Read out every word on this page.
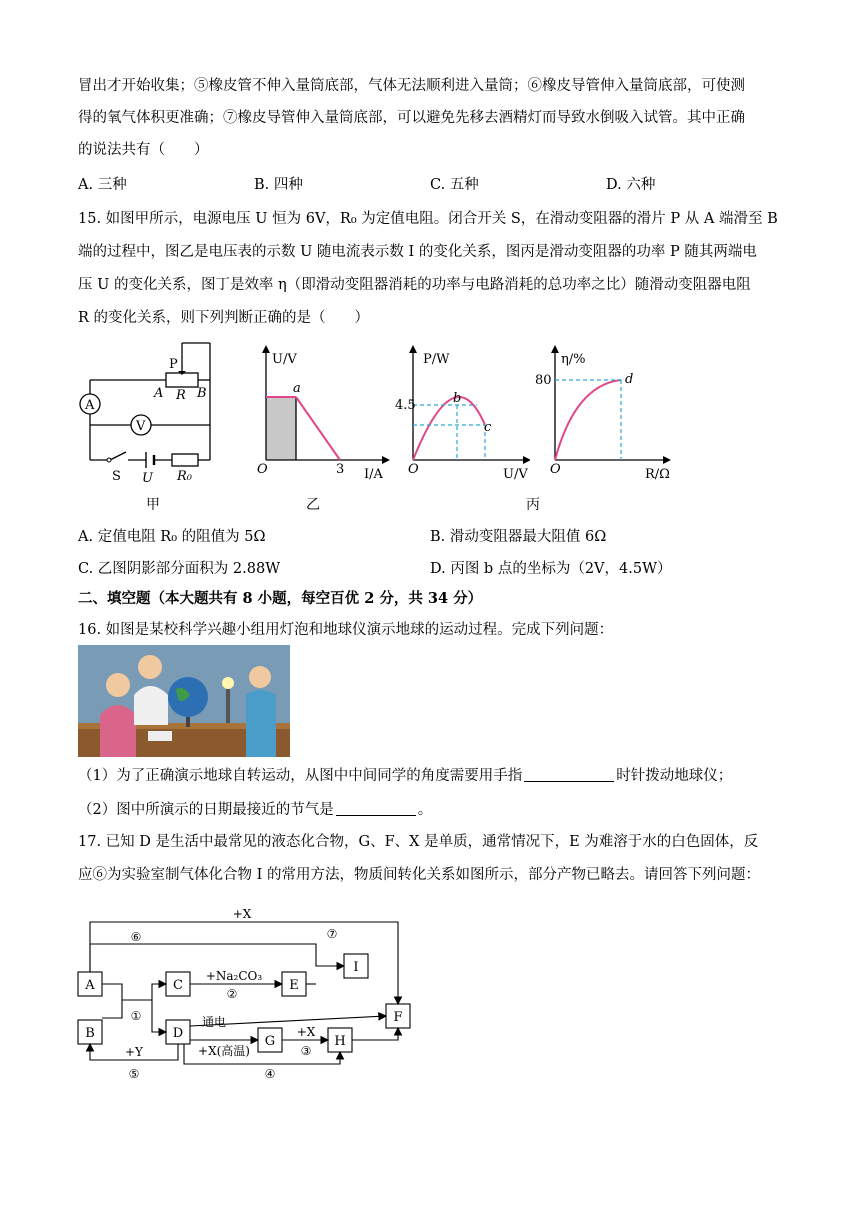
冒出才开始收集；⑤橡皮管不伸入量筒底部，气体无法顺利进入量筒；⑥橡皮导管伸入量筒底部，可使测
得的氧气体积更准确；⑦橡皮导管伸入量筒底部，可以避免先移去酒精灯而导致水倒吸入试管。其中正确
的说法共有（　　）
A. 三种	B. 四种	C. 五种	D. 六种
15. 如图甲所示，电源电压 U 恒为 6V，R₀ 为定值电阻。闭合开关 S，在滑动变阻器的滑片 P 从 A 端滑至 B
端的过程中，图乙是电压表的示数 U 随电流表示数 I 的变化关系，图丙是滑动变阻器的功率 P 随其两端电
压 U 的变化关系，图丁是效率 η（即滑动变阻器消耗的功率与电路消耗的总功率之比）随滑动变阻器电阻
R 的变化关系，则下列判断正确的是（　　）
P
A R B
A
V
S U R₀
U/V
I/A
O
a
3
P/W
U/V
O
4.5	b
c
η/%
R/Ω
O
80	d
甲	乙	丙
A. 定值电阻 R₀ 的阻值为 5Ω	B. 滑动变阻器最大阻值 6Ω
C. 乙图阴影部分面积为 2.88W	D. 丙图 b 点的坐标为（2V，4.5W）
二、填空题（本大题共有 8 小题，每空百优 2 分，共 34 分）
16. 如图是某校科学兴趣小组用灯泡和地球仪演示地球的运动过程。完成下列问题：
（1）为了正确演示地球自转运动，从图中中间同学的角度需要用手指	时针拨动地球仪；
（2）图中所演示的日期最接近的节气是	。
17. 已知 D 是生活中最常见的液态化合物，G、F、X 是单质，通常情况下，E 为难溶于水的白色固体，反
应⑥为实验室制气体化合物 I 的常用方法，物质间转化关系如图所示，部分产物已略去。请回答下列问题：
A
B
C
D
E
F
G	H
I
+X
⑥	⑦
+Na₂CO₃
②
①	通电
+X
③
+X(高温)
+Y
⑤	④
